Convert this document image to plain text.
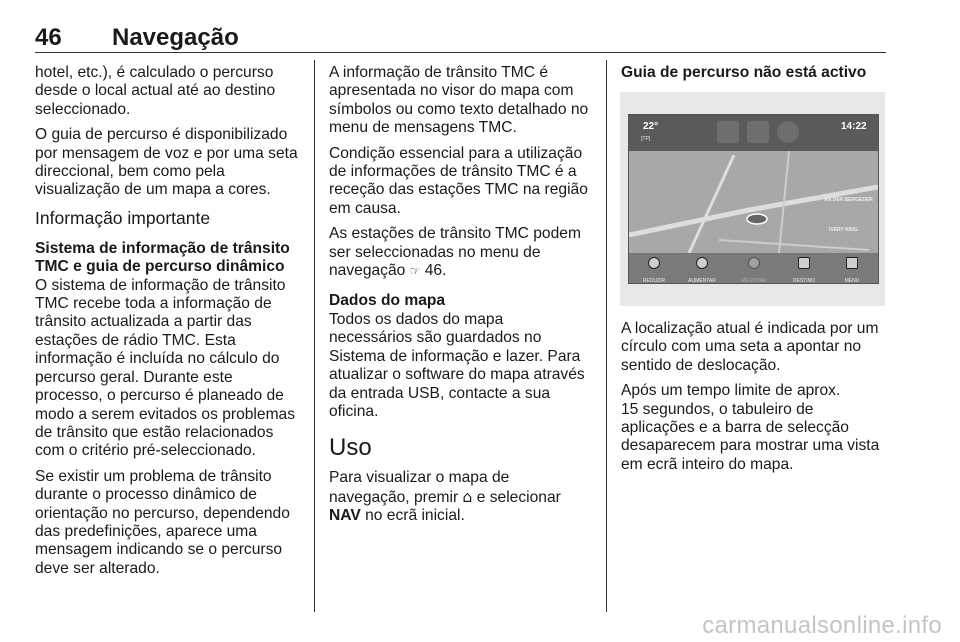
46 Navegação

hotel, etc.), é calculado o percurso
desde o local actual até ao destino
seleccionado.

O guia de percurso é disponibilizado
por mensagem de voz e por uma seta
direccional, bem como pela
visualização de um mapa a cores.

Informação importante

Sistema de informação de trânsito
TMC e guia de percurso dinâmico

O sistema de informação de trânsito
TMC recebe toda a informação de
trânsito actualizada a partir das
estações de rádio TMC. Esta
informação é incluída no cálculo do
percurso geral. Durante este
processo, o percurso é planeado de
modo a serem evitados os problemas
de trânsito que estão relacionados
com o critério pré-seleccionado.

Se existir um problema de trânsito
durante o processo dinâmico de
orientação no percurso, dependendo
das predefinições, aparece uma
mensagem indicando se o percurso
deve ser alterado.

A informação de trânsito TMC é
apresentada no visor do mapa com
símbolos ou como texto detalhado no
menu de mensagens TMC.

Condição essencial para a utilização
de informações de trânsito TMC é a
receção das estações TMC na região
em causa.

As estações de trânsito TMC podem
ser seleccionadas no menu de
navegação ☞ 46.

Dados do mapa
Todos os dados do mapa
necessários são guardados no
Sistema de informação e lazer. Para
atualizar o software do mapa através
da entrada USB, contacte a sua
oficina.

Uso

Para visualizar o mapa de
navegação, premir ⌂ e selecionar
NAV no ecrã inicial.

Guia de percurso não está activo
22°
[TP]
14:22
AN DER BERGEDER
IVERY RING
REDUZIR	AUMENTAR	REGISTAR	DESTINO	MENU

A localização atual é indicada por um
círculo com uma seta a apontar no
sentido de deslocação.

Após um tempo limite de aprox.
15 segundos, o tabuleiro de
aplicações e a barra de selecção
desaparecem para mostrar uma vista
em ecrã inteiro do mapa.

carmanualsonline.info
